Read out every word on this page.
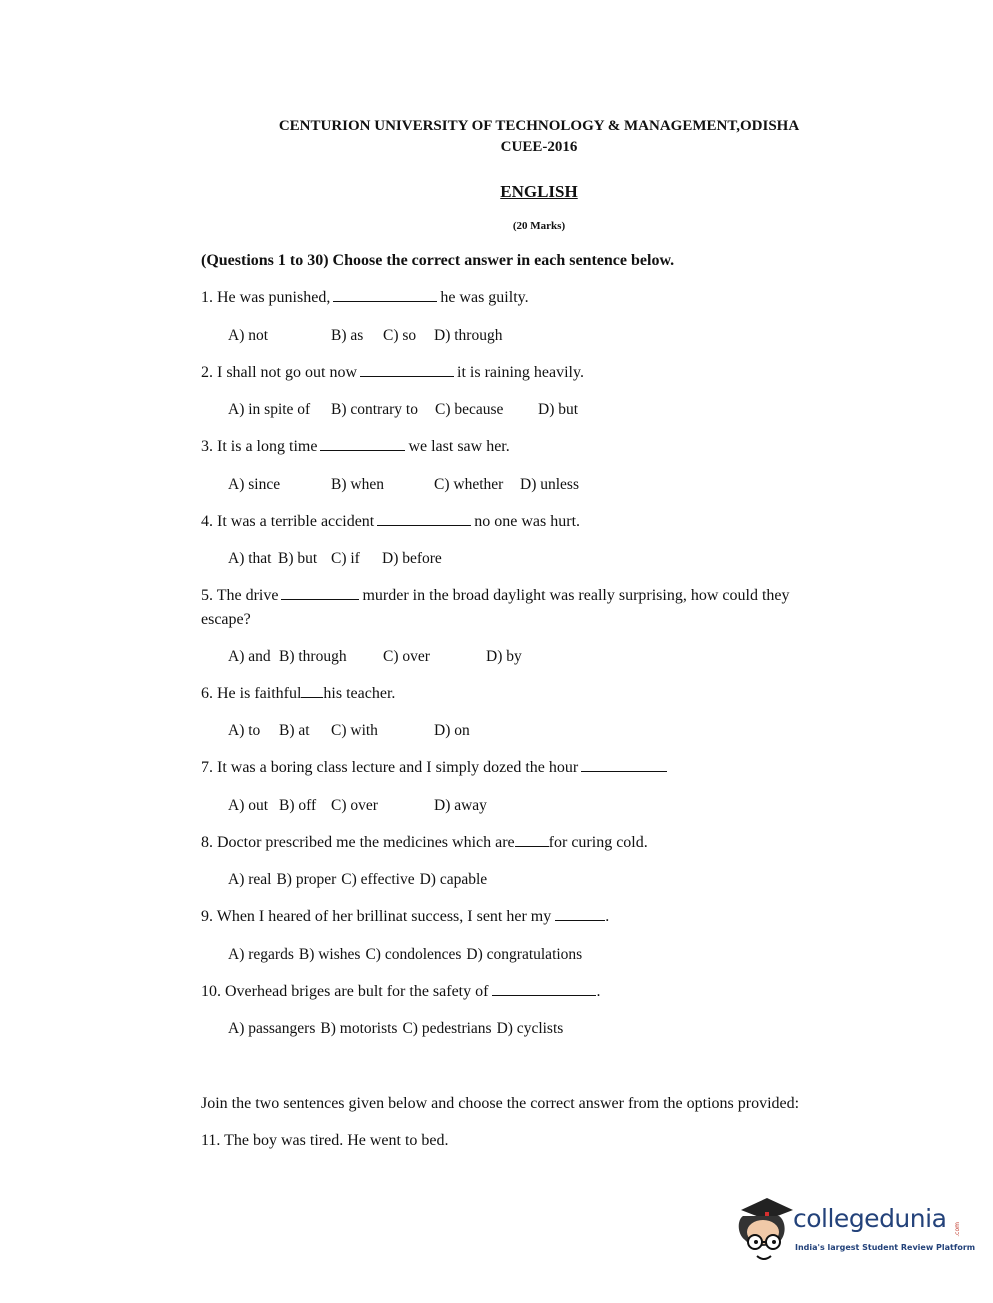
CENTURION UNIVERSITY OF TECHNOLOGY & MANAGEMENT,ODISHA
CUEE-2016
ENGLISH
(20 Marks)
(Questions 1 to 30) Choose the correct answer in each sentence below.
1. He was punished,	he was guilty.
A) not	B) as C) so D) through
2. I shall not go out now	it is raining heavily.
A) in spite of B) contrary to C) because D) but
3. It is a long time	we last saw her.
A) since	B) when	C) whether D) unless
4. It was a terrible accident	no one was hurt.
A) that B) but C) if D) before
5. The drive	murder in the broad daylight was really surprising, how could they escape?
A) and B) through C) over	D) by
6. He is faithful his teacher.
A) to B) at C) with	D) on
7. It was a boring class lecture and I simply dozed the hour
A) out B) off C) over	D) away
8. Doctor prescribed me the medicines which are for curing cold.
A) real B) proper C) effective D) capable
9. When I heared of her brillinat success, I sent her my	.
A) regards B) wishes C) condolences D) congratulations
10. Overhead briges are bult for the safety of	.
A) passangers B) motorists C) pedestrians D) cyclists
Join the two sentences given below and choose the correct answer from the options provided:
11. The boy was tired. He went to bed.
collegedunia .com
India's largest Student Review Platform
